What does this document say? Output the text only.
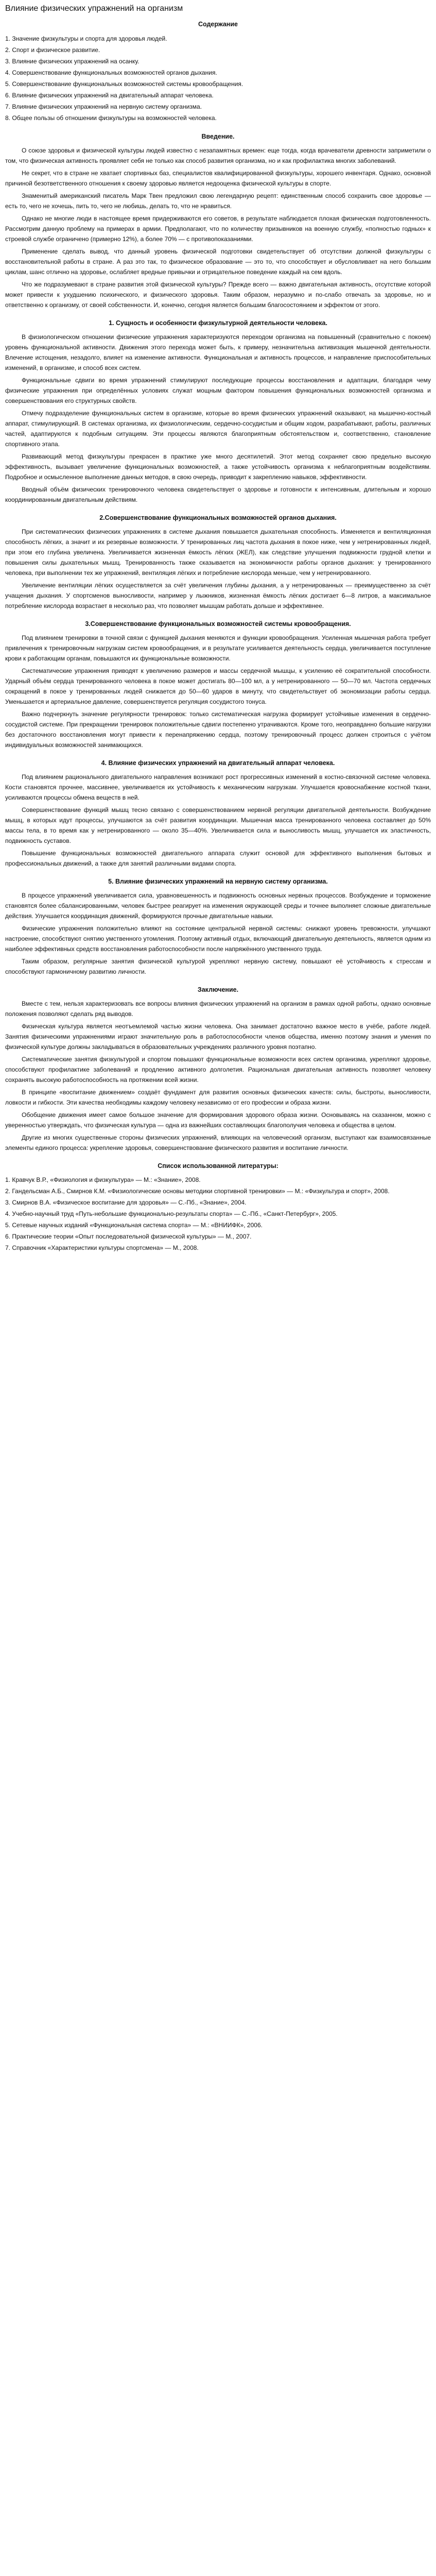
Влияние физических упражнений на организм
Содержание
1. Значение физкультуры и спорта для здоровья людей.
2. Спорт и физическое развитие.
3. Влияние физических упражнений на осанку.
4. Совершенствование функциональных возможностей органов дыхания.
5. Совершенствование функциональных возможностей системы кровообращения.
6. Влияние физических упражнений на двигательный аппарат человека.
7. Влияние физических упражнений на нервную систему организма.
8. Общее пользы об отношении физкультуры на возможностей человека.
Введение.

О союзе здоровья и физической культуры людей известно с незапамятных времен: еще тогда, когда врачеватели древности заприметили о том, что физическая активность проявляет себя не только как способ развития организма, но и как профилактика многих заболеваний.

Не секрет, что в стране не хватает спортивных баз, специалистов квалифицированной физкультуры, хорошего инвентаря. Однако, основной причиной безответственного отношения к своему здоровью является недооценка физической культуры в спорте.

Знаменитый американский писатель Марк Твен предложил свою легендарную рецепт: единственным способ сохранить свое здоровье — есть то, чего не хочешь, пить то, чего не любишь, делать то, что не нравиться.

Однако не многие люди в настоящее время придерживаются его советов, в результате наблюдается плохая физическая подготовленность. Рассмотрим данную проблему на примерах в армии. Предполагают, что по количеству призывников на военную службу, «полностью годных» к строевой службе ограничено (примерно 12%), а более 70% — с противопоказаниями.

Применение сделать вывод, что данный уровень физической подготовки свидетельствует об отсутствии должной физкультуры с восстановительной работы в стране. А раз это так, то физическое образование — это то, что способствует и обусловливает на него большим циклам, шанс отлично на здоровье, ослабляет вредные привычки и отрицательное поведение каждый на сем вдоль.

Что же подразумевают в стране развития этой физической культуры? Прежде всего — важно двигательная активность, отсутствие которой может привести к ухудшению психического, и физического здоровья. Таким образом, неразумно и по-слабо отвечать за здоровье, но и ответственно к организму, от своей собственности. И, конечно, сегодня является большим благосостоянием и эффектом от этого.

1. Сущность и особенности физкультурной деятельности человека.

В физиологическом отношении физические упражнения характеризуются переходом организма на повышенный (сравнительно с покоем) уровень функциональной активности. Движения этого перехода может быть, к примеру, незначительна активизация мышечной деятельности. Влечение истощения, незадолго, влияет на изменение активности. Функциональная и активность процессов, и направление приспособительных изменений, в организме, и способ всех систем.

Функциональные сдвиги во время упражнений стимулируют последующие процессы восстановления и адаптации, благодаря чему физические упражнения при определённых условиях служат мощным фактором повышения функциональных возможностей организма и совершенствования его структурных свойств.

Отмечу подразделение функциональных систем в организме, которые во время физических упражнений оказывают, на мышечно-костный аппарат, стимулирующий. В системах организма, их физиологическим, сердечно-сосудистым и общим ходом, разрабатывают, работы, различных частей, адаптируются к подобным ситуациям. Эти процессы являются благоприятным обстоятельством и, соответственно, становление спортивного этапа.

Развивающий метод физкультуры прекрасен в практике уже много десятилетий. Этот метод сохраняет свою предельно высокую эффективность, вызывает увеличение функциональных возможностей, а также устойчивость организма к неблагоприятным воздействиям. Подробное и осмысленное выполнение данных методов, в свою очередь, приводит к закреплению навыков, эффективности.

Вводный объём физических тренировочного человека свидетельствует о здоровье и готовности к интенсивным, длительным и хорошо координированным двигательным действиям.

2.Совершенствование функциональных возможностей органов дыхания.

При систематических физических упражнениях в системе дыхания повышается дыхательная способность. Изменяется и вентиляционная способность лёгких, а значит и их резервные возможности. У тренированных лиц частота дыхания в покое ниже, чем у нетренированных людей, при этом его глубина увеличена. Увеличивается жизненная ёмкость лёгких (ЖЕЛ), как следствие улучшения подвижности грудной клетки и повышения силы дыхательных мышц. Тренированность также сказывается на экономичности работы органов дыхания: у тренированного человека, при выполнении тех же упражнений, вентиляция лёгких и потребление кислорода меньше, чем у нетренированного.

Увеличение вентиляции лёгких осуществляется за счёт увеличения глубины дыхания, а у нетренированных — преимущественно за счёт учащения дыхания. У спортсменов выносливости, например у лыжников, жизненная ёмкость лёгких достигает 6—8 литров, а максимальное потребление кислорода возрастает в несколько раз, что позволяет мышцам работать дольше и эффективнее.

3.Совершенствование функциональных возможностей системы кровообращения.

Под влиянием тренировки в точной связи с функцией дыхания меняются и функции кровообращения. Усиленная мышечная работа требует привлечения к тренировочным нагрузкам систем кровообращения, и в результате усиливается деятельность сердца, увеличивается поступление крови к работающим органам, повышаются их функциональные возможности.

Систематические упражнения приводят к увеличению размеров и массы сердечной мышцы, к усилению её сократительной способности. Ударный объём сердца тренированного человека в покое может достигать 80—100 мл, а у нетренированного — 50—70 мл. Частота сердечных сокращений в покое у тренированных людей снижается до 50—60 ударов в минуту, что свидетельствует об экономизации работы сердца. Уменьшается и артериальное давление, совершенствуется регуляция сосудистого тонуса.

Важно подчеркнуть значение регулярности тренировок: только систематическая нагрузка формирует устойчивые изменения в сердечно-сосудистой системе. При прекращении тренировок положительные сдвиги постепенно утрачиваются. Кроме того, неоправданно большие нагрузки без достаточного восстановления могут привести к перенапряжению сердца, поэтому тренировочный процесс должен строиться с учётом индивидуальных возможностей занимающихся.

4. Влияние физических упражнений на двигательный аппарат человека.

Под влиянием рационального двигательного направления возникают рост прогрессивных изменений в костно-связочной системе человека. Кости становятся прочнее, массивнее, увеличивается их устойчивость к механическим нагрузкам. Улучшается кровоснабжение костной ткани, усиливаются процессы обмена веществ в ней.

Совершенствование функций мышц тесно связано с совершенствованием нервной регуляции двигательной деятельности. Возбуждение мышц, в которых идут процессы, улучшаются за счёт развития координации. Мышечная масса тренированного человека составляет до 50% массы тела, в то время как у нетренированного — около 35—40%. Увеличивается сила и выносливость мышц, улучшается их эластичность, подвижность суставов.

Повышение функциональных возможностей двигательного аппарата служит основой для эффективного выполнения бытовых и профессиональных движений, а также для занятий различными видами спорта.

5. Влияние физических упражнений на нервную систему организма.

В процессе упражнений увеличивается сила, уравновешенность и подвижность основных нервных процессов. Возбуждение и торможение становятся более сбалансированными, человек быстрее реагирует на изменения окружающей среды и точнее выполняет сложные двигательные действия. Улучшается координация движений, формируются прочные двигательные навыки.

Физические упражнения положительно влияют на состояние центральной нервной системы: снижают уровень тревожности, улучшают настроение, способствуют снятию умственного утомления. Поэтому активный отдых, включающий двигательную деятельность, является одним из наиболее эффективных средств восстановления работоспособности после напряжённого умственного труда.

Таким образом, регулярные занятия физической культурой укрепляют нервную систему, повышают её устойчивость к стрессам и способствуют гармоничному развитию личности.

Заключение.

Вместе с тем, нельзя характеризовать все вопросы влияния физических упражнений на организм в рамках одной работы, однако основные положения позволяют сделать ряд выводов.

Физическая культура является неотъемлемой частью жизни человека. Она занимает достаточно важное место в учёбе, работе людей. Занятия физическими упражнениями играют значительную роль в работоспособности членов общества, именно поэтому знания и умения по физической культуре должны закладываться в образовательных учреждениях различного уровня поэтапно.

Систематические занятия физкультурой и спортом повышают функциональные возможности всех систем организма, укрепляют здоровье, способствуют профилактике заболеваний и продлению активного долголетия. Рациональная двигательная активность позволяет человеку сохранять высокую работоспособность на протяжении всей жизни.

В принципе «воспитание движением» создаёт фундамент для развития основных физических качеств: силы, быстроты, выносливости, ловкости и гибкости. Эти качества необходимы каждому человеку независимо от его профессии и образа жизни.

Обобщение движения имеет самое большое значение для формирования здорового образа жизни. Основываясь на сказанном, можно с уверенностью утверждать, что физическая культура — одна из важнейших составляющих благополучия человека и общества в целом.

Другие из многих существенные стороны физических упражнений, влияющих на человеческий организм, выступают как взаимосвязанные элементы единого процесса: укрепление здоровья, совершенствование физического развития и воспитание личности.

Список использованной литературы:
1. Кравчук В.Р., «Физиология и физкультура» — М.: «Знание», 2008.
2. Гандельсман А.Б., Смирнов К.М. «Физиологические основы методики спортивной тренировки» — М.: «Физкультура и спорт», 2008.
3. Смирнов В.А. «Физическое воспитание для здоровья» — С.-Пб., «Знание», 2004.
4. Учебно-научный труд «Путь-небольшие функционально-результаты спорта» — С.-Пб., «Санкт-Петербург», 2005.
5. Сетевые научных изданий «Функциональная система спорта» — М.: «ВНИИФК», 2006.
6. Практические теории «Опыт последовательной физической культуры» — М., 2007.
7. Справочник «Характеристики культуры спортсмена» — М., 2008.
